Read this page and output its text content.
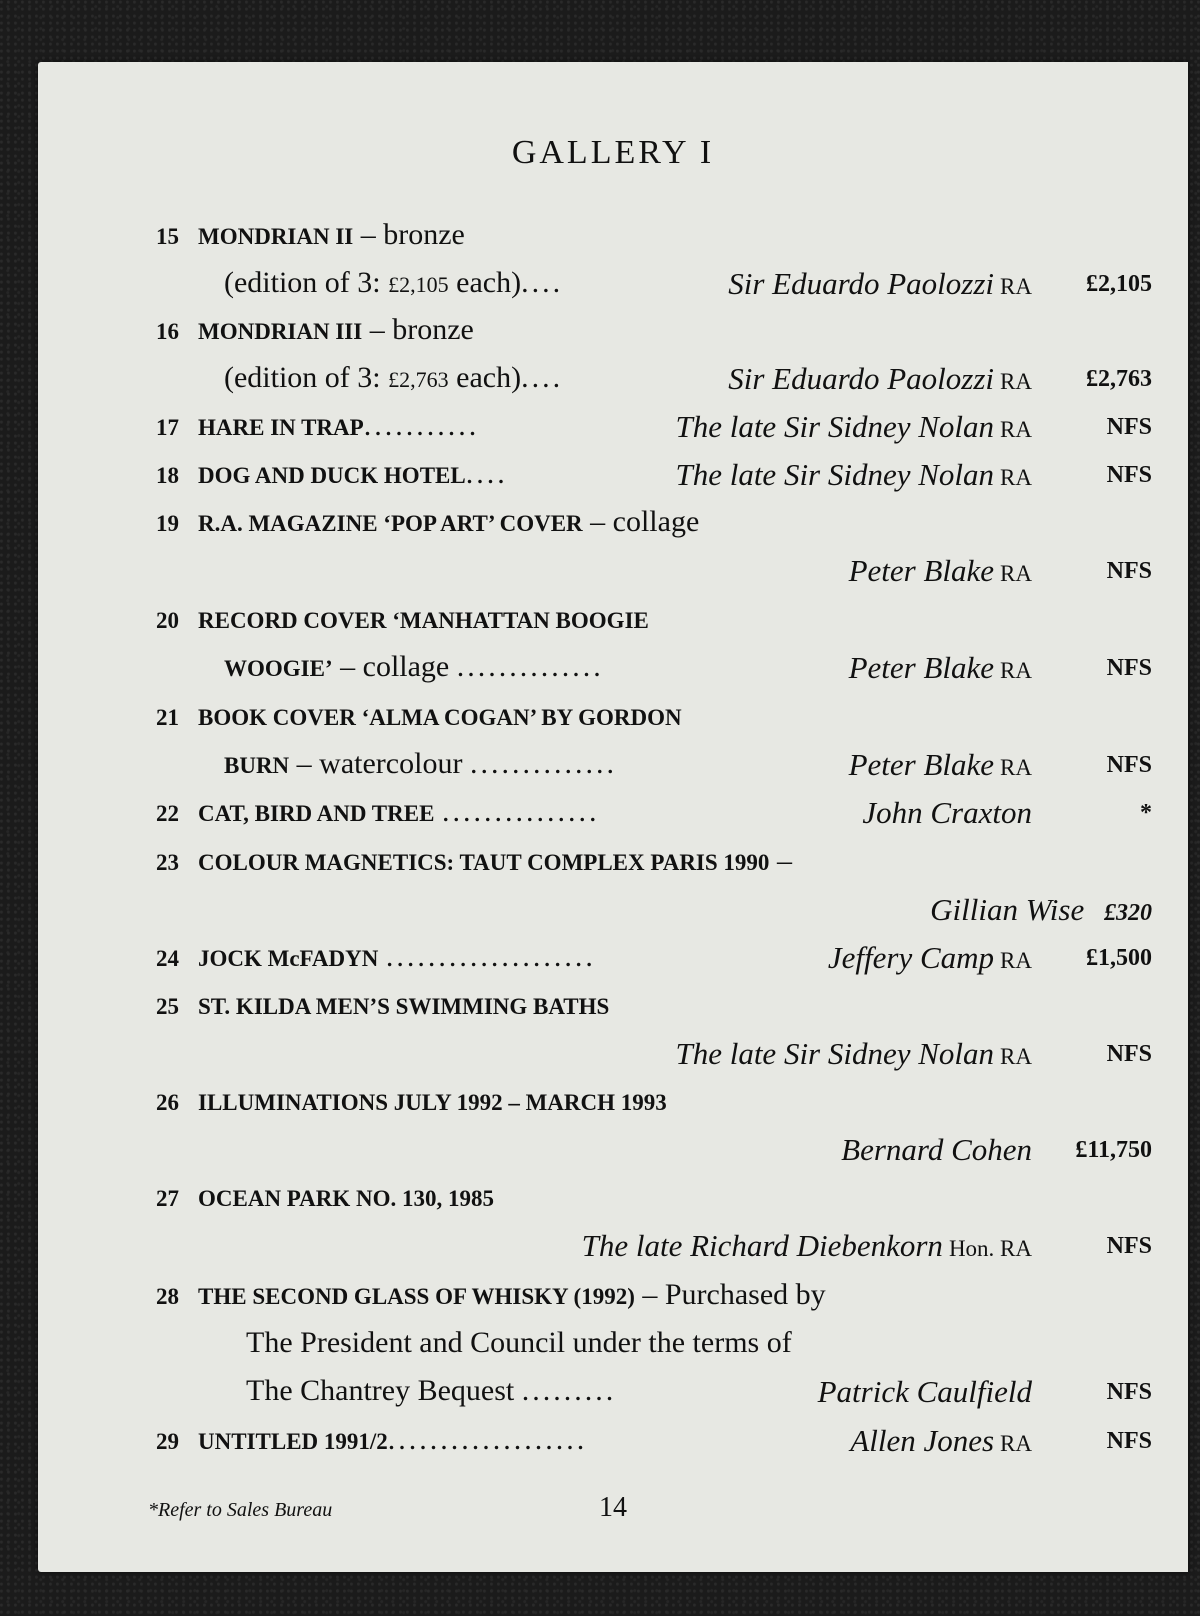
GALLERY I
15 MONDRIAN II – bronze
(edition of 3: £2,105 each)....	Sir Eduardo Paolozzi RA £2,105
16 MONDRIAN III – bronze
(edition of 3: £2,763 each)....	Sir Eduardo Paolozzi RA £2,763
17 HARE IN TRAP...........	The late Sir Sidney Nolan RA	NFS
18 DOG AND DUCK HOTEL....	The late Sir Sidney Nolan RA	NFS
19 R.A. MAGAZINE ‘POP ART’ COVER – collage
Peter Blake RA	NFS
20 RECORD COVER ‘MANHATTAN BOOGIE
WOOGIE’ – collage ..............	Peter Blake RA	NFS
21 BOOK COVER ‘ALMA COGAN’ BY GORDON
BURN – watercolour ..............	Peter Blake RA	NFS
22 CAT, BIRD AND TREE ...............	John Craxton	*
23 COLOUR MAGNETICS: TAUT COMPLEX PARIS 1990 –
Gillian Wise £320
24 JOCK McFADYN ....................	Jeffery Camp RA £1,500
25 ST. KILDA MEN’S SWIMMING BATHS
The late Sir Sidney Nolan RA	NFS
26 ILLUMINATIONS JULY 1992 – MARCH 1993
Bernard Cohen £11,750
27 OCEAN PARK NO. 130, 1985
The late Richard Diebenkorn Hon. RA	NFS
28 THE SECOND GLASS OF WHISKY (1992) – Purchased by
The President and Council under the terms of
The Chantrey Bequest .........	Patrick Caulfield	NFS
29 UNTITLED 1991/2...................	Allen Jones RA	NFS
*Refer to Sales Bureau	14
